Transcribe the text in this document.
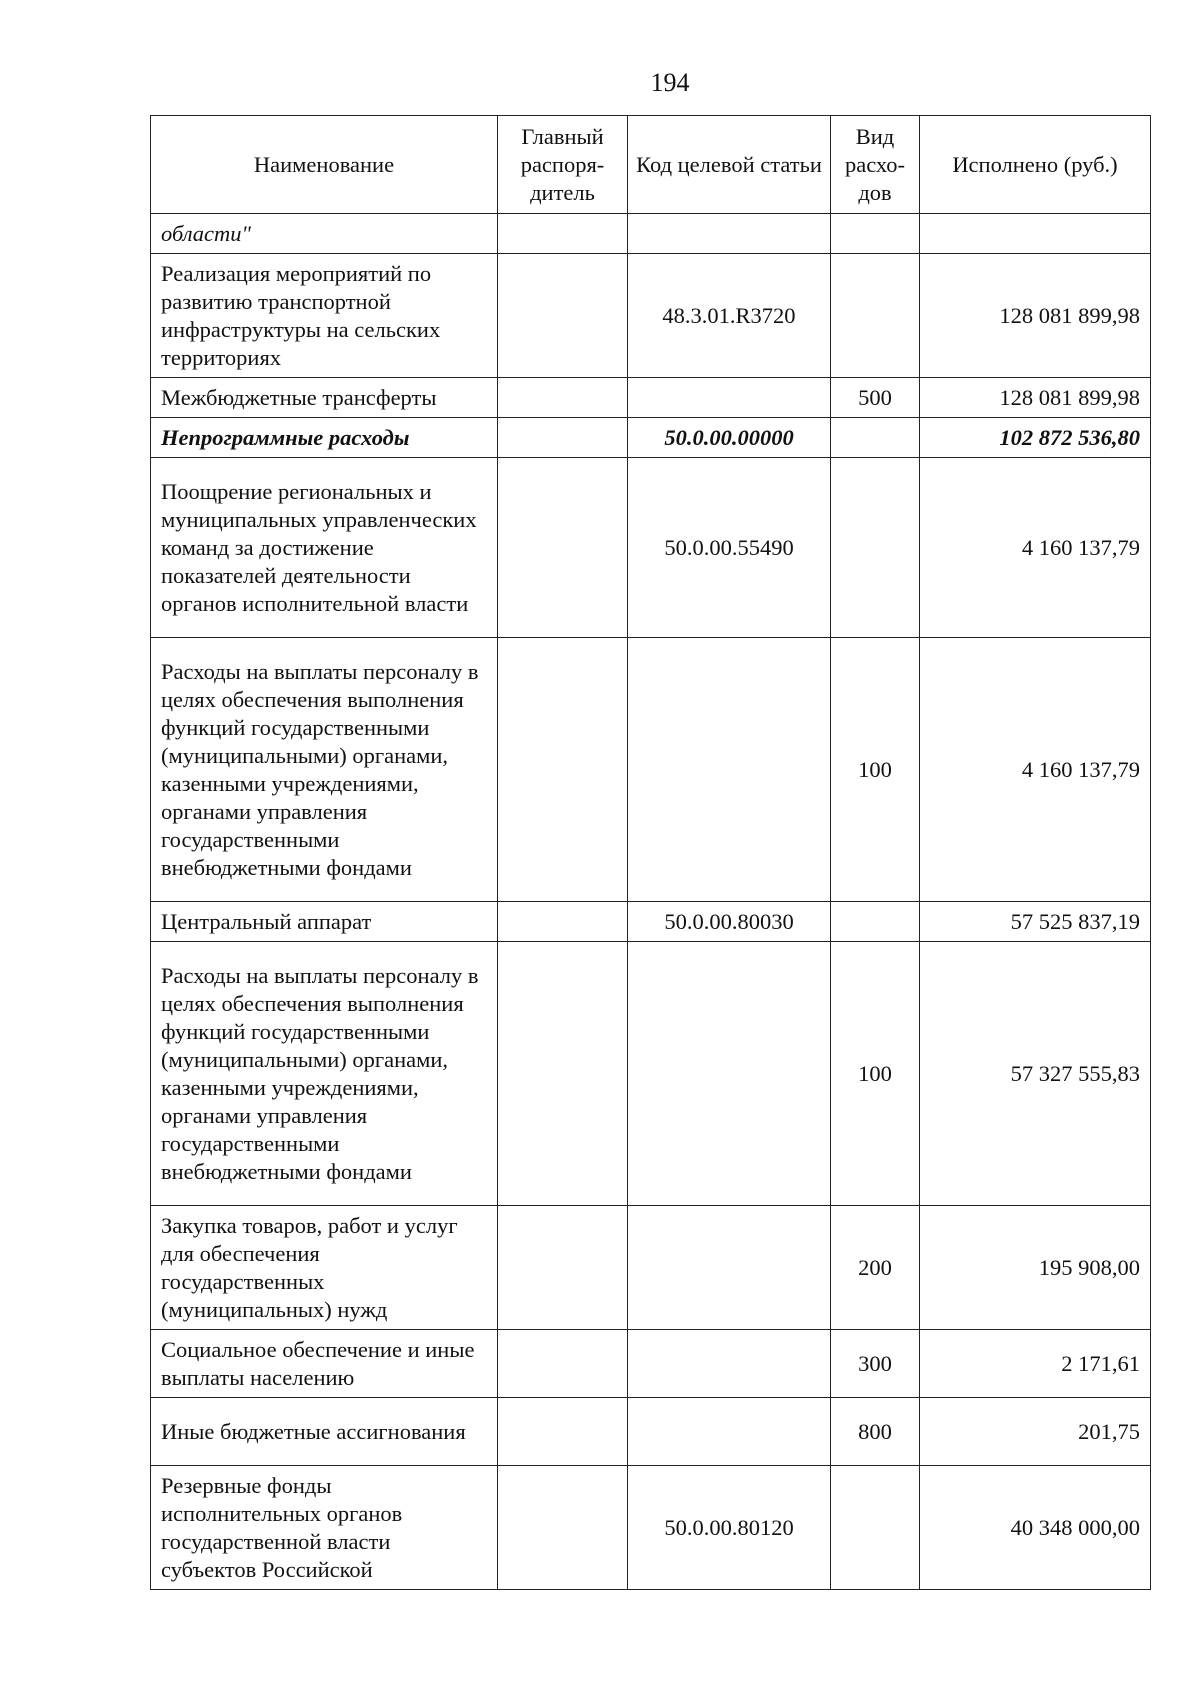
194
Наименование	Главный распоря-дитель	Код целевой статьи	Вид расхо-дов	Исполнено (руб.)
области"				
Реализация мероприятий по развитию транспортной инфраструктуры на сельских территориях		48.3.01.R3720		128 081 899,98
Межбюджетные трансферты			500	128 081 899,98
Непрограммные расходы		50.0.00.00000		102 872 536,80
Поощрение региональных и муниципальных управленческих команд за достижение показателей деятельности органов исполнительной власти		50.0.00.55490		4 160 137,79
Расходы на выплаты персоналу в целях обеспечения выполнения функций государственными (муниципальными) органами, казенными учреждениями, органами управления государственными внебюджетными фондами			100	4 160 137,79
Центральный аппарат		50.0.00.80030		57 525 837,19
Расходы на выплаты персоналу в целях обеспечения выполнения функций государственными (муниципальными) органами, казенными учреждениями, органами управления государственными внебюджетными фондами			100	57 327 555,83
Закупка товаров, работ и услуг для обеспечения государственных (муниципальных) нужд			200	195 908,00
Социальное обеспечение и иные выплаты населению			300	2 171,61
Иные бюджетные ассигнования			800	201,75
Резервные фонды исполнительных органов государственной власти субъектов Российской		50.0.00.80120		40 348 000,00
